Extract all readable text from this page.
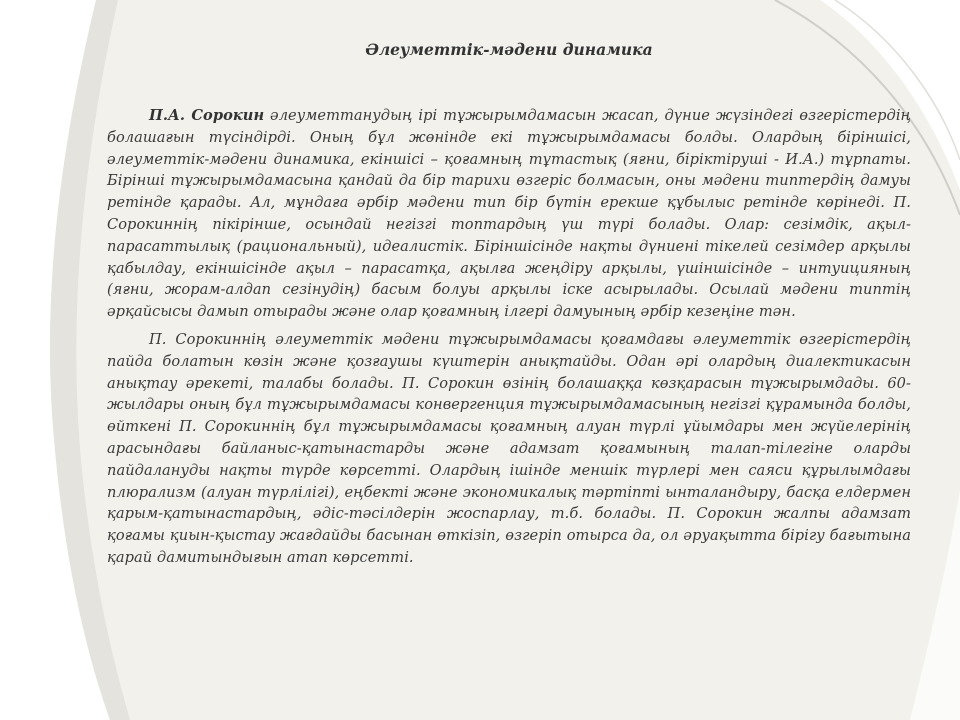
Әлеуметтік-мәдени динамика

П.А. Сорокин әлеуметтанудың ірі тұжырымдамасын жасап, дүние жүзіндегі өзгерістердің болашағын түсіндірді. Оның бұл жөнінде екі тұжырымдамасы болды. Олардың біріншісі, әлеуметтік-мәдени динамика, екіншісі – қоғамның тұтастық (яғни, біріктіруші - И.А.) тұрпаты. Бірінші тұжырымдамасына қандай да бір тарихи өзгеріс болмасын, оны мәдени типтердің дамуы ретінде қарады. Ал, мұндаға әрбір мәдени тип бір бүтін ерекше құбылыс ретінде көрінеді. П. Сорокиннің пікірінше, осындай негізгі топтардың үш түрі болады. Олар: сезімдік, ақыл-парасаттылық (рациональный), идеалистік. Біріншісінде нақты дүниені тікелей сезімдер арқылы қабылдау, екіншісінде ақыл – парасатқа, ақылға жеңдіру арқылы, үшіншісінде – интуицияның (яғни, жорам-алдап сезінудің) басым болуы арқылы іске асырылады. Осылай мәдени типтің әрқайсысы дамып отырады және олар қоғамның ілгері дамуының әрбір кезеңіне тән.

П. Сорокиннің әлеуметтік мәдени тұжырымдамасы қоғамдағы әлеуметтік өзгерістердің пайда болатын көзін және қозғаушы күштерін анықтайды. Одан әрі олардың диалектикасын анықтау әрекеті, талабы болады. П. Сорокин өзінің болашаққа көзқарасын тұжырымдады. 60-жылдары оның бұл тұжырымдамасы конвергенция тұжырымдамасының негізгі құрамында болды, өйткені П. Сорокиннің бұл тұжырымдамасы қоғамның алуан түрлі ұйымдары мен жүйелерінің арасындағы байланыс-қатынастарды және адамзат қоғамының талап-тілегіне оларды пайдалануды нақты түрде көрсетті. Олардың ішінде меншік түрлері мен саяси құрылымдағы плюрализм (алуан түрлілігі), еңбекті және экономикалық тәртіпті ынталандыру, басқа елдермен қарым-қатынастардың, әдіс-тәсілдерін жоспарлау, т.б. болады. П. Сорокин жалпы адамзат қоғамы қиын-қыстау жағдайды басынан өткізіп, өзгеріп отырса да, ол әруақытта бірігу бағытына қарай дамитындығын атап көрсетті.
